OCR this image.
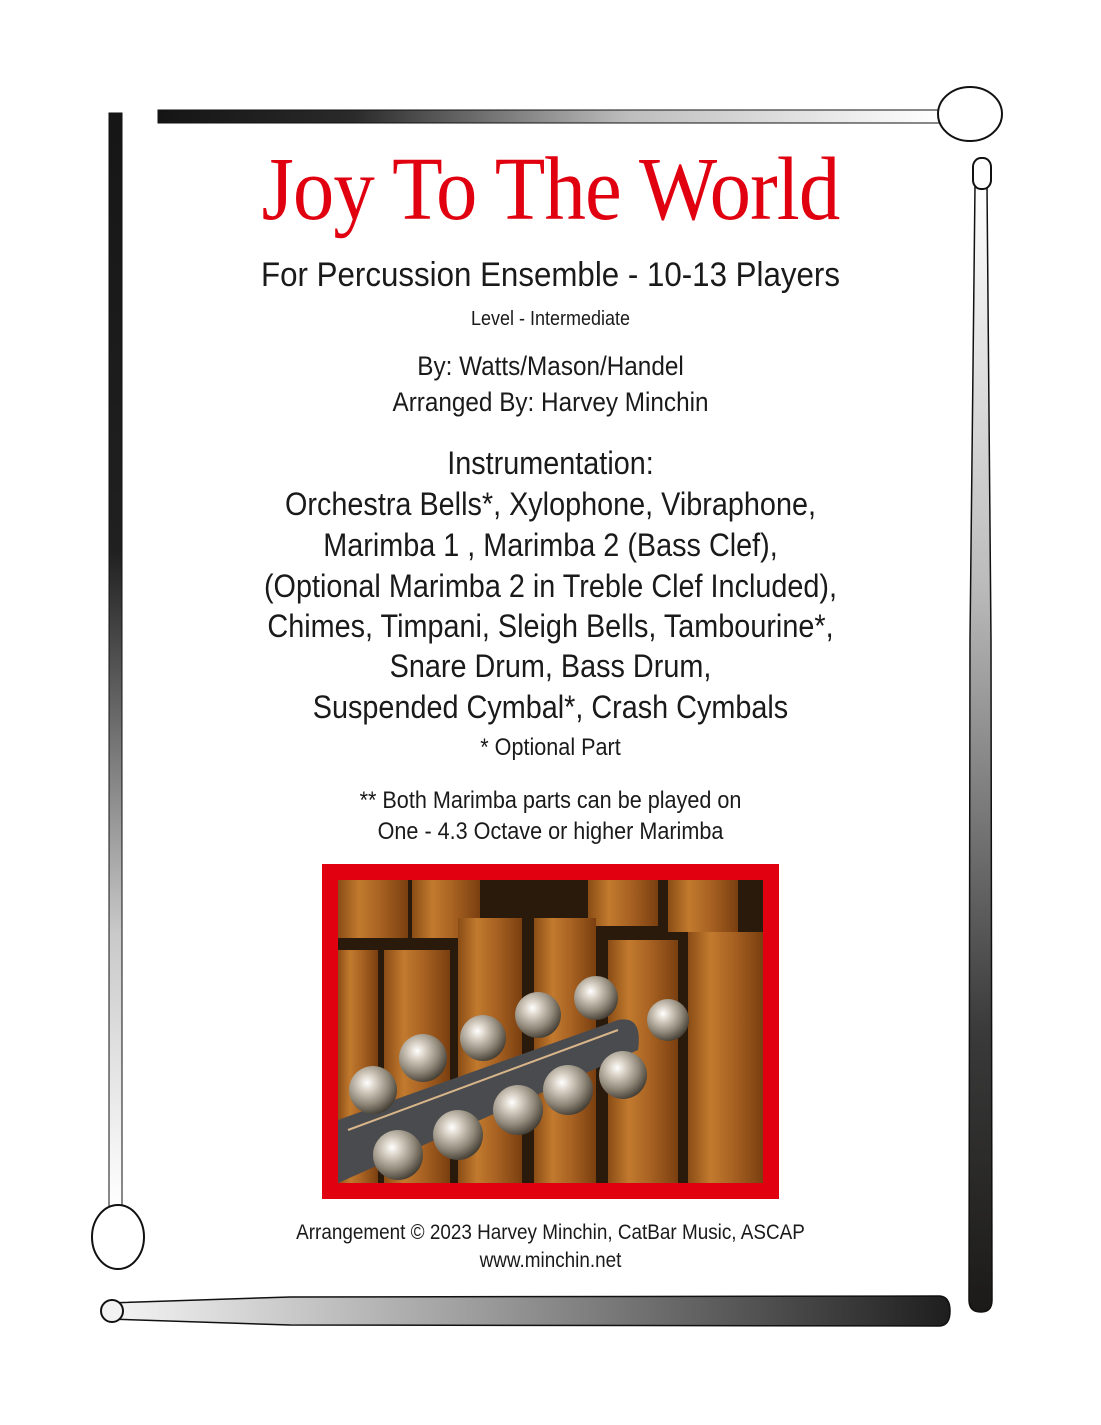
Joy To The World
For Percussion Ensemble - 10-13 Players
Level - Intermediate
By: Watts/Mason/Handel
Arranged By: Harvey Minchin
Instrumentation:
Orchestra Bells*, Xylophone, Vibraphone,
Marimba 1 , Marimba 2 (Bass Clef),
(Optional Marimba 2 in Treble Clef Included),
Chimes, Timpani, Sleigh Bells, Tambourine*,
Snare Drum, Bass Drum,
Suspended Cymbal*, Crash Cymbals
* Optional Part
** Both Marimba parts can be played on
One - 4.3 Octave or higher Marimba
Arrangement © 2023 Harvey Minchin, CatBar Music, ASCAP
www.minchin.net
